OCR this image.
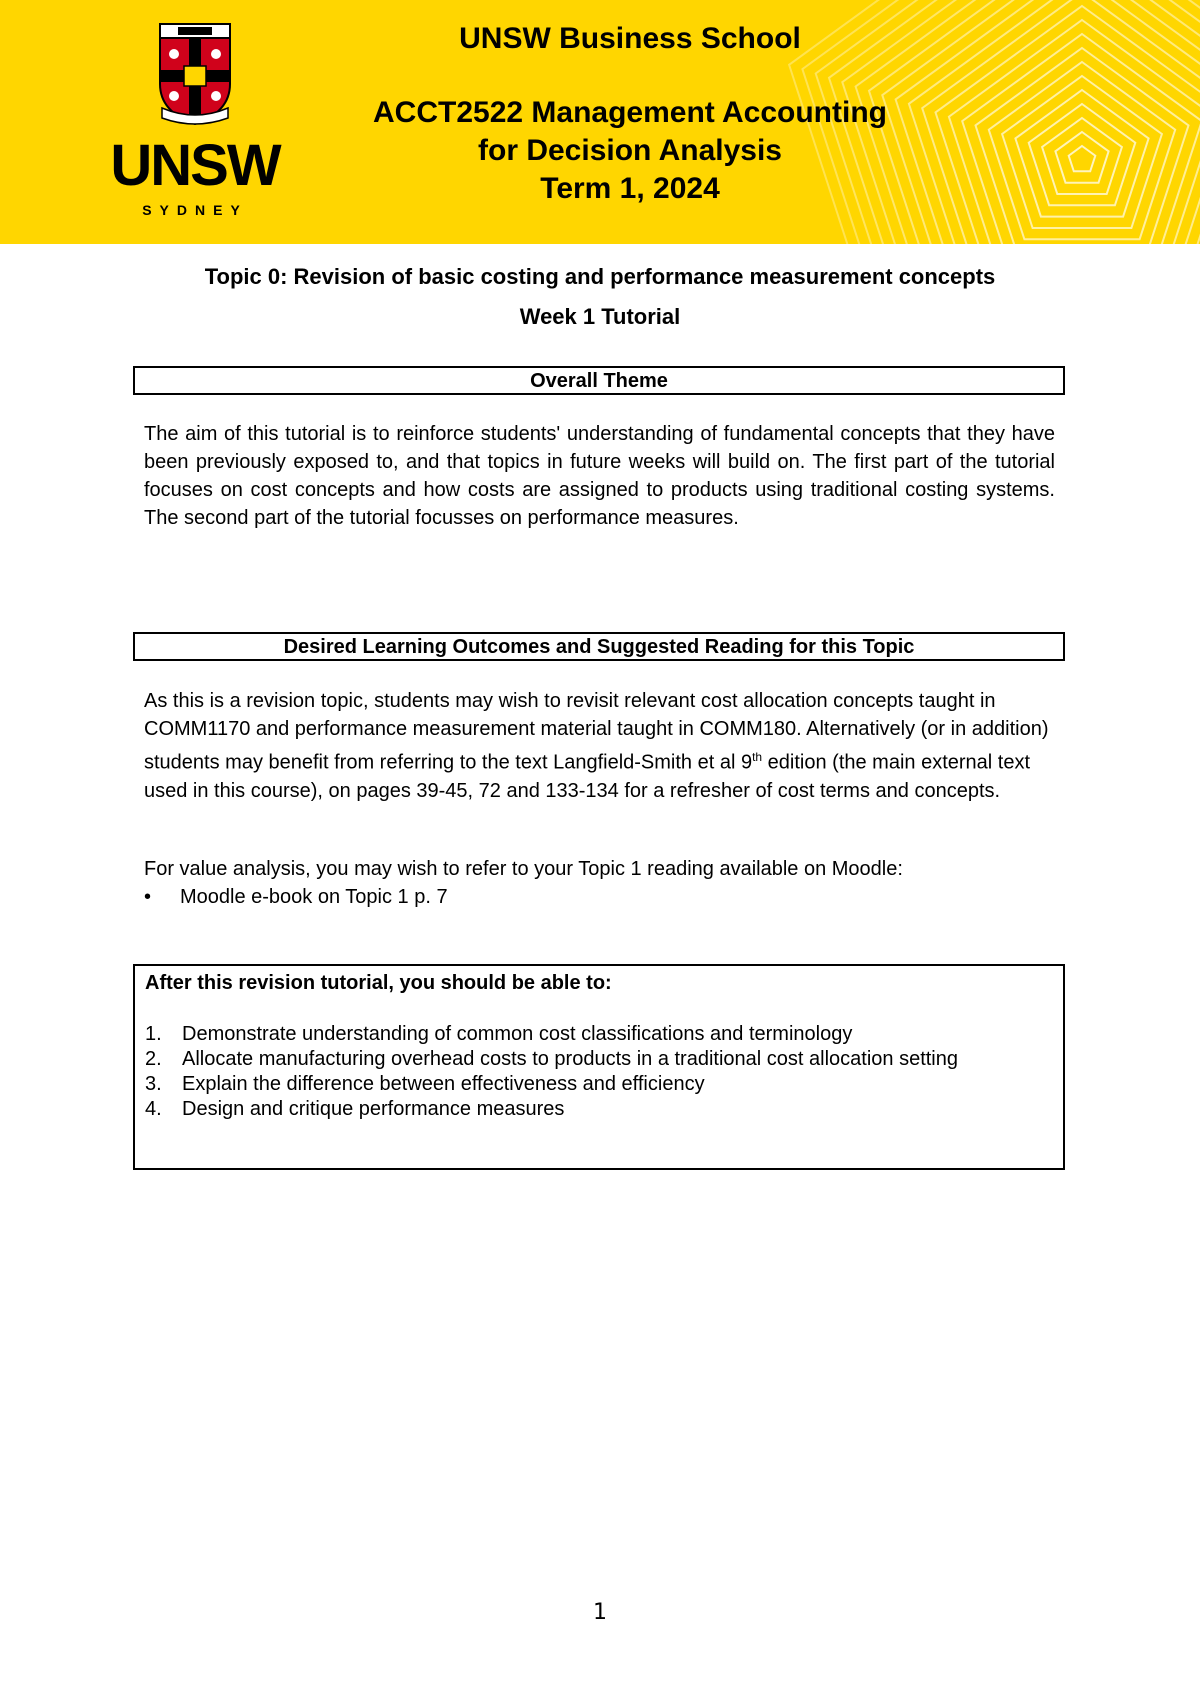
UNSW
SYDNEY
UNSW Business School
ACCT2522 Management Accounting
for Decision Analysis
Term 1, 2024
Topic 0: Revision of basic costing and performance measurement concepts
Week 1 Tutorial
Overall Theme
The aim of this tutorial is to reinforce students' understanding of fundamental concepts that they have been previously exposed to, and that topics in future weeks will build on. The first part of the tutorial focuses on cost concepts and how costs are assigned to products using traditional costing systems. The second part of the tutorial focusses on performance measures.
Desired Learning Outcomes and Suggested Reading for this Topic
As this is a revision topic, students may wish to revisit relevant cost allocation concepts taught in COMM1170 and performance measurement material taught in COMM180. Alternatively (or in addition) students may benefit from referring to the text Langfield-Smith et al 9th edition (the main external text used in this course), on pages 39-45, 72 and 133-134 for a refresher of cost terms and concepts.
For value analysis, you may wish to refer to your Topic 1 reading available on Moodle:
• Moodle e-book on Topic 1 p. 7
After this revision tutorial, you should be able to:
1. Demonstrate understanding of common cost classifications and terminology
2. Allocate manufacturing overhead costs to products in a traditional cost allocation setting
3. Explain the difference between effectiveness and efficiency
4. Design and critique performance measures
1
